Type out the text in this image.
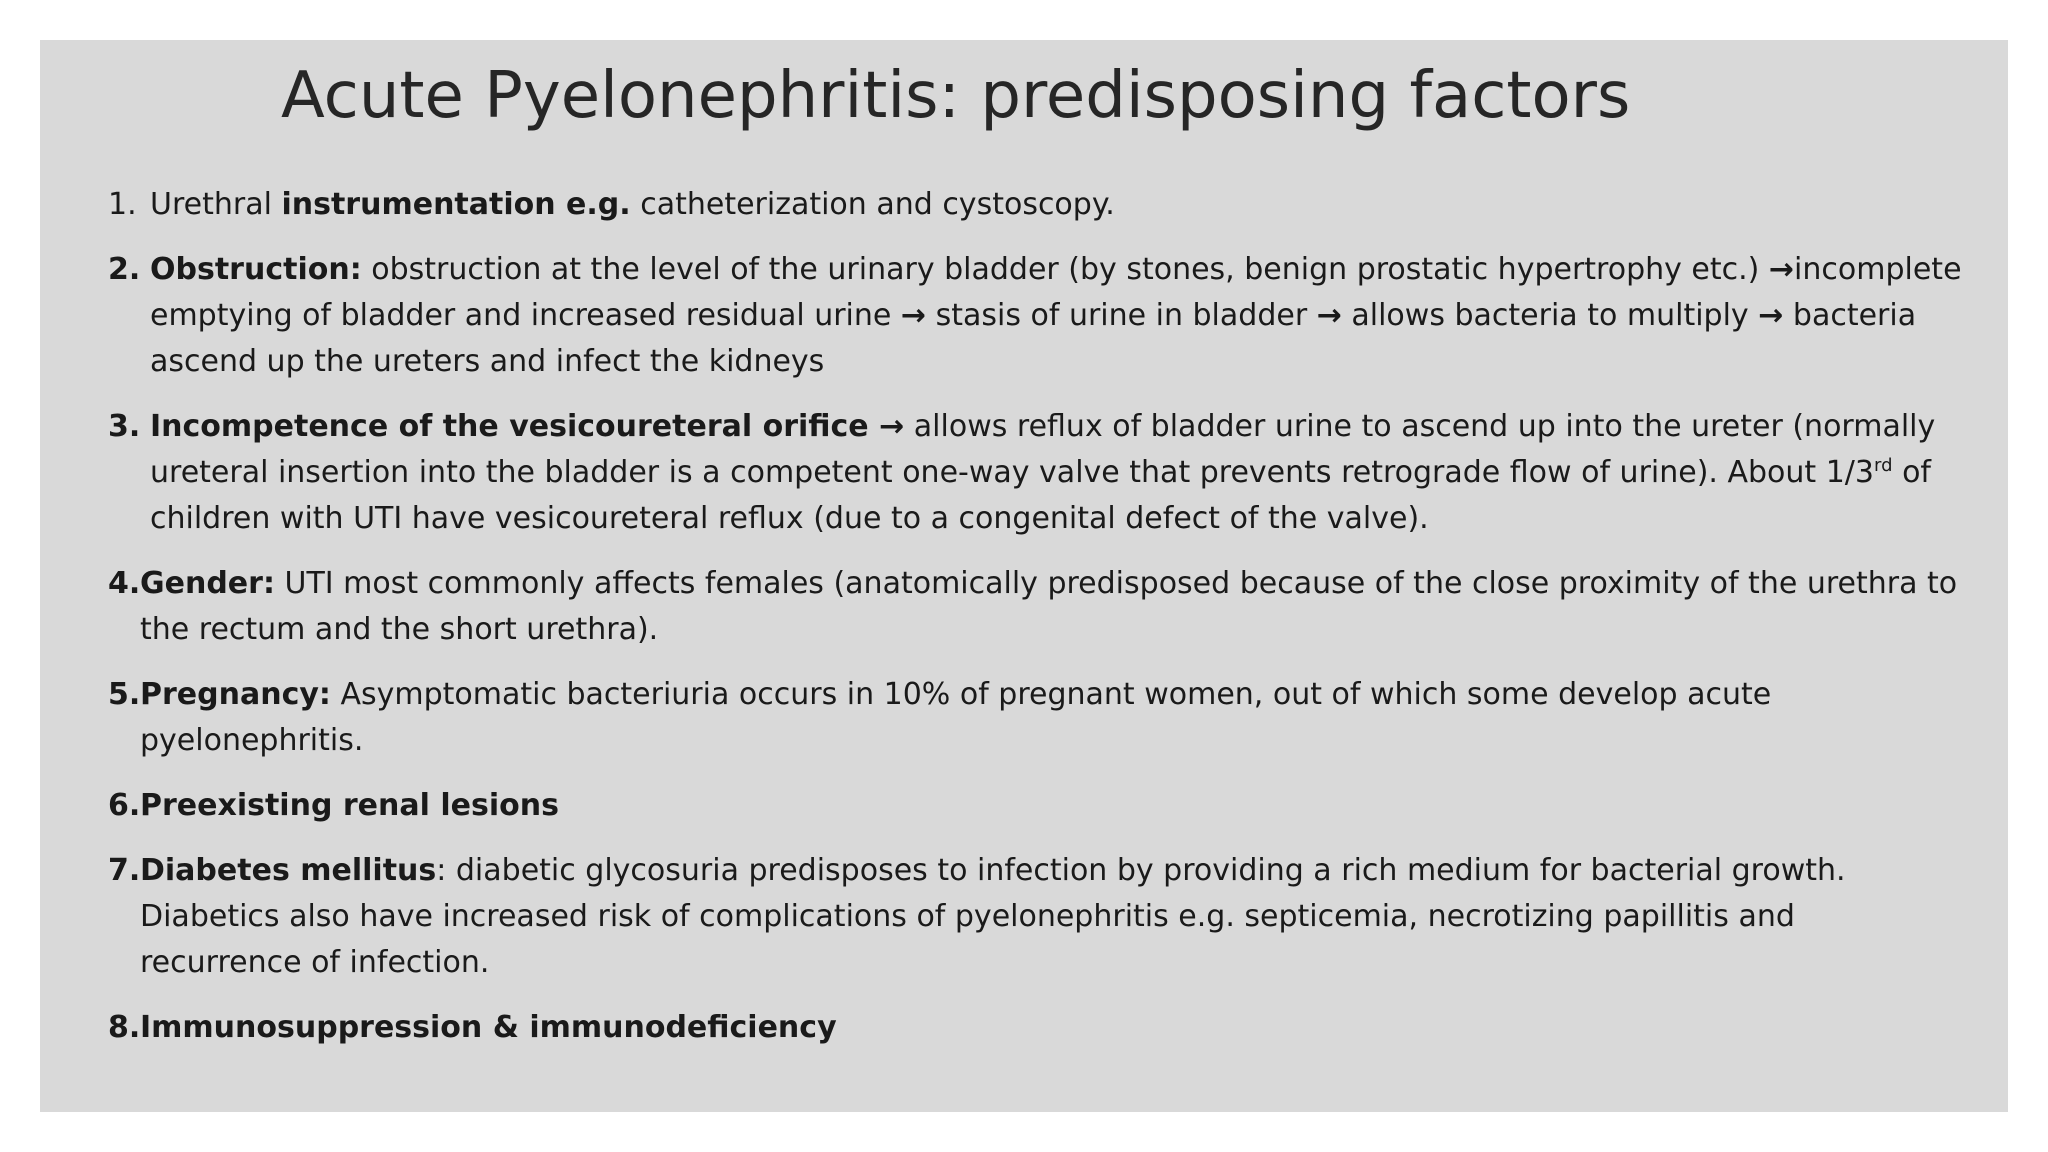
Acute Pyelonephritis: predisposing factors
1. Urethral instrumentation e.g. catheterization and cystoscopy.
2. Obstruction: obstruction at the level of the urinary bladder (by stones, benign prostatic hypertrophy etc.) →incomplete emptying of bladder and increased residual urine → stasis of urine in bladder → allows bacteria to multiply → bacteria ascend up the ureters and infect the kidneys
3. Incompetence of the vesicoureteral orifice → allows reflux of bladder urine to ascend up into the ureter (normally ureteral insertion into the bladder is a competent one-way valve that prevents retrograde flow of urine). About 1/3rd of children with UTI have vesicoureteral reflux (due to a congenital defect of the valve).
4. Gender: UTI most commonly affects females (anatomically predisposed because of the close proximity of the urethra to the rectum and the short urethra).
5. Pregnancy: Asymptomatic bacteriuria occurs in 10% of pregnant women, out of which some develop acute pyelonephritis.
6. Preexisting renal lesions
7. Diabetes mellitus: diabetic glycosuria predisposes to infection by providing a rich medium for bacterial growth. Diabetics also have increased risk of complications of pyelonephritis e.g. septicemia, necrotizing papillitis and recurrence of infection.
8. Immunosuppression & immunodeficiency
